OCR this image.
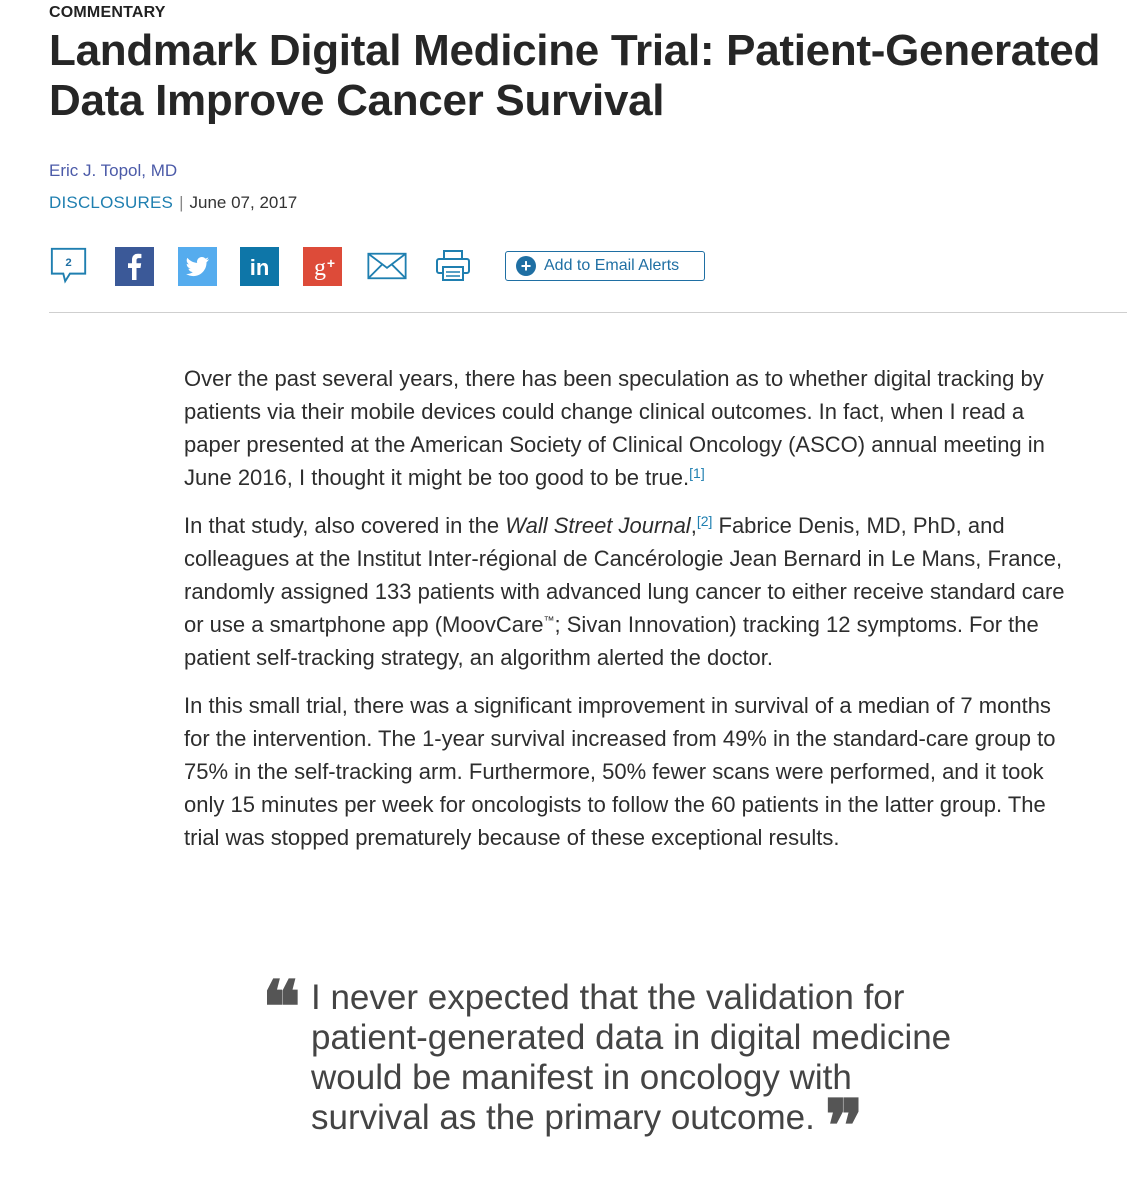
COMMENTARY
Landmark Digital Medicine Trial: Patient-Generated Data Improve Cancer Survival
Eric J. Topol, MD
DISCLOSURES | June 07, 2017
2	in g +	+ Add to Email Alerts

Over the past several years, there has been speculation as to whether digital tracking by patients via their mobile devices could change clinical outcomes. In fact, when I read a paper presented at the American Society of Clinical Oncology (ASCO) annual meeting in June 2016, I thought it might be too good to be true.[1]

In that study, also covered in the Wall Street Journal,[2] Fabrice Denis, MD, PhD, and colleagues at the Institut Inter-régional de Cancérologie Jean Bernard in Le Mans, France, randomly assigned 133 patients with advanced lung cancer to either receive standard care or use a smartphone app (MoovCare™; Sivan Innovation) tracking 12 symptoms. For the patient self-tracking strategy, an algorithm alerted the doctor.

In this small trial, there was a significant improvement in survival of a median of 7 months for the intervention. The 1-year survival increased from 49% in the standard-care group to 75% in the self-tracking arm. Furthermore, 50% fewer scans were performed, and it took only 15 minutes per week for oncologists to follow the 60 patients in the latter group. The trial was stopped prematurely because of these exceptional results.

❝ I never expected that the validation for patient-generated data in digital medicine would be manifest in oncology with survival as the primary outcome. ❞
